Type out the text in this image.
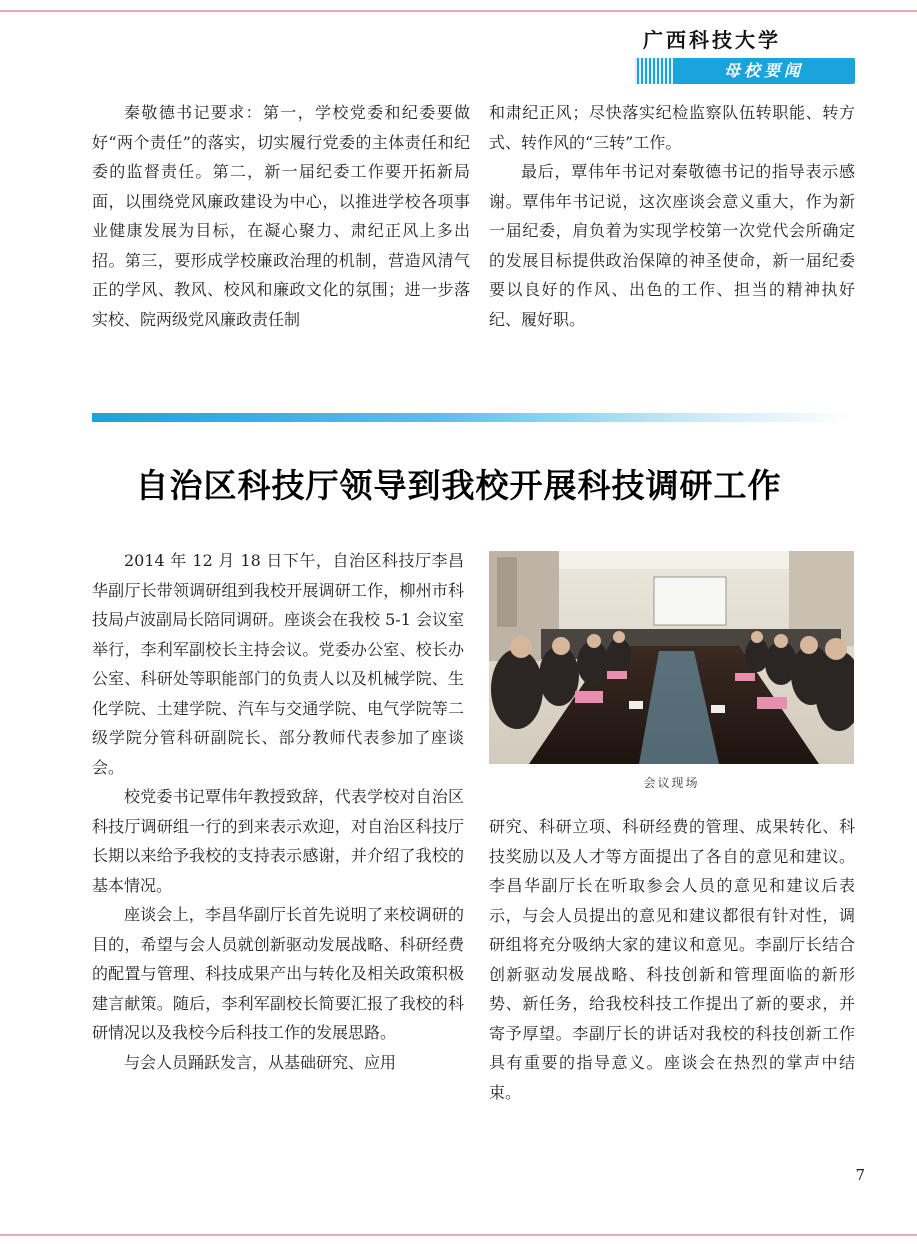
广西科技大学
母校要闻

秦敬德书记要求：第一，学校党委和纪委要做好“两个责任”的落实，切实履行党委的主体责任和纪委的监督责任。第二，新一届纪委工作要开拓新局面，以围绕党风廉政建设为中心，以推进学校各项事业健康发展为目标，在凝心聚力、肃纪正风上多出招。第三，要形成学校廉政治理的机制，营造风清气正的学风、教风、校风和廉政文化的氛围；进一步落实校、院两级党风廉政责任制

和肃纪正风；尽快落实纪检监察队伍转职能、转方式、转作风的“三转”工作。

最后，覃伟年书记对秦敬德书记的指导表示感谢。覃伟年书记说，这次座谈会意义重大，作为新一届纪委，肩负着为实现学校第一次党代会所确定的发展目标提供政治保障的神圣使命，新一届纪委要以良好的作风、出色的工作、担当的精神执好纪、履好职。

自治区科技厅领导到我校开展科技调研工作

2014 年 12 月 18 日下午，自治区科技厅李昌华副厅长带领调研组到我校开展调研工作，柳州市科技局卢波副局长陪同调研。座谈会在我校 5-1 会议室举行，李利军副校长主持会议。党委办公室、校长办公室、科研处等职能部门的负责人以及机械学院、生化学院、土建学院、汽车与交通学院、电气学院等二级学院分管科研副院长、部分教师代表参加了座谈会。

校党委书记覃伟年教授致辞，代表学校对自治区科技厅调研组一行的到来表示欢迎，对自治区科技厅长期以来给予我校的支持表示感谢，并介绍了我校的基本情况。

座谈会上，李昌华副厅长首先说明了来校调研的目的，希望与会人员就创新驱动发展战略、科研经费的配置与管理、科技成果产出与转化及相关政策积极建言献策。随后，李利军副校长简要汇报了我校的科研情况以及我校今后科技工作的发展思路。

与会人员踊跃发言，从基础研究、应用

会议现场

研究、科研立项、科研经费的管理、成果转化、科技奖励以及人才等方面提出了各自的意见和建议。李昌华副厅长在听取参会人员的意见和建议后表示，与会人员提出的意见和建议都很有针对性，调研组将充分吸纳大家的建议和意见。李副厅长结合创新驱动发展战略、科技创新和管理面临的新形势、新任务，给我校科技工作提出了新的要求，并寄予厚望。李副厅长的讲话对我校的科技创新工作具有重要的指导意义。座谈会在热烈的掌声中结束。

7
